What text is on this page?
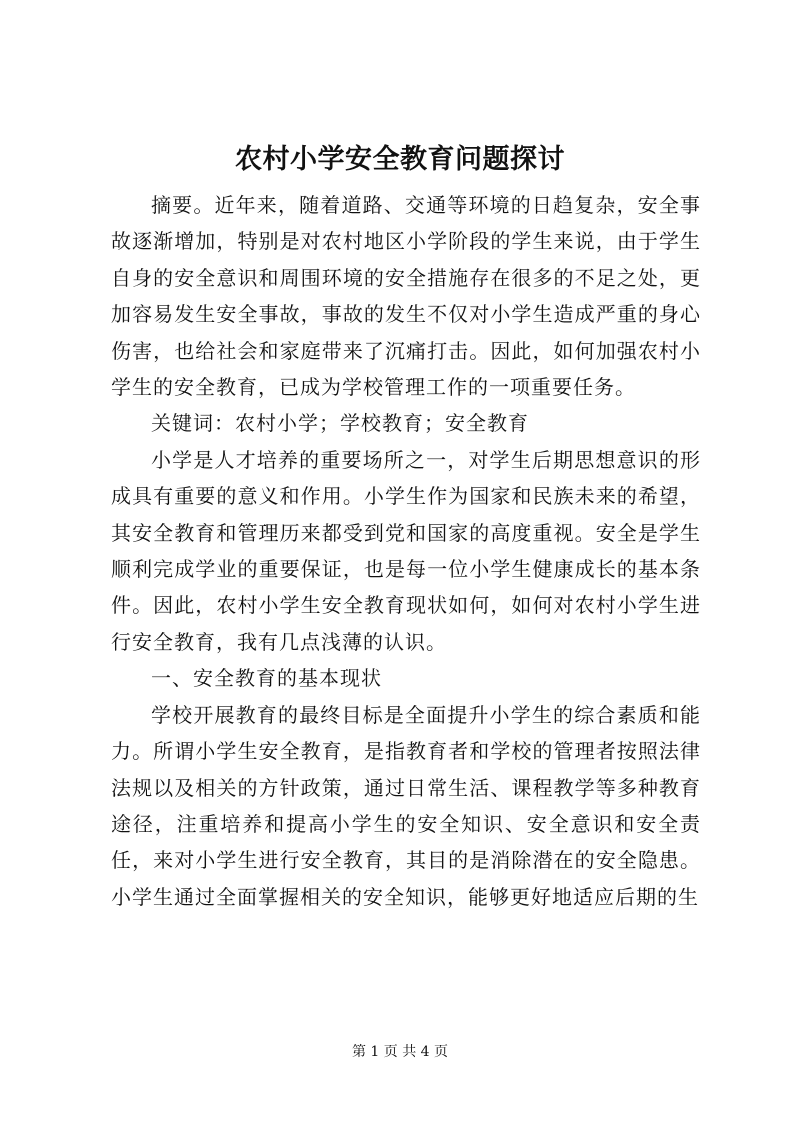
农村小学安全教育问题探讨

摘要。近年来，随着道路、交通等环境的日趋复杂，安全事故逐渐增加，特别是对农村地区小学阶段的学生来说，由于学生自身的安全意识和周围环境的安全措施存在很多的不足之处，更加容易发生安全事故，事故的发生不仅对小学生造成严重的身心伤害，也给社会和家庭带来了沉痛打击。因此，如何加强农村小学生的安全教育，已成为学校管理工作的一项重要任务。

关键词：农村小学；学校教育；安全教育

小学是人才培养的重要场所之一，对学生后期思想意识的形成具有重要的意义和作用。小学生作为国家和民族未来的希望，其安全教育和管理历来都受到党和国家的高度重视。安全是学生顺利完成学业的重要保证，也是每一位小学生健康成长的基本条件。因此，农村小学生安全教育现状如何，如何对农村小学生进行安全教育，我有几点浅薄的认识。

一、安全教育的基本现状

学校开展教育的最终目标是全面提升小学生的综合素质和能力。所谓小学生安全教育，是指教育者和学校的管理者按照法律法规以及相关的方针政策，通过日常生活、课程教学等多种教育途径，注重培养和提高小学生的安全知识、安全意识和安全责任，来对小学生进行安全教育，其目的是消除潜在的安全隐患。小学生通过全面掌握相关的安全知识，能够更好地适应后期的生

第 1 页 共 4 页
